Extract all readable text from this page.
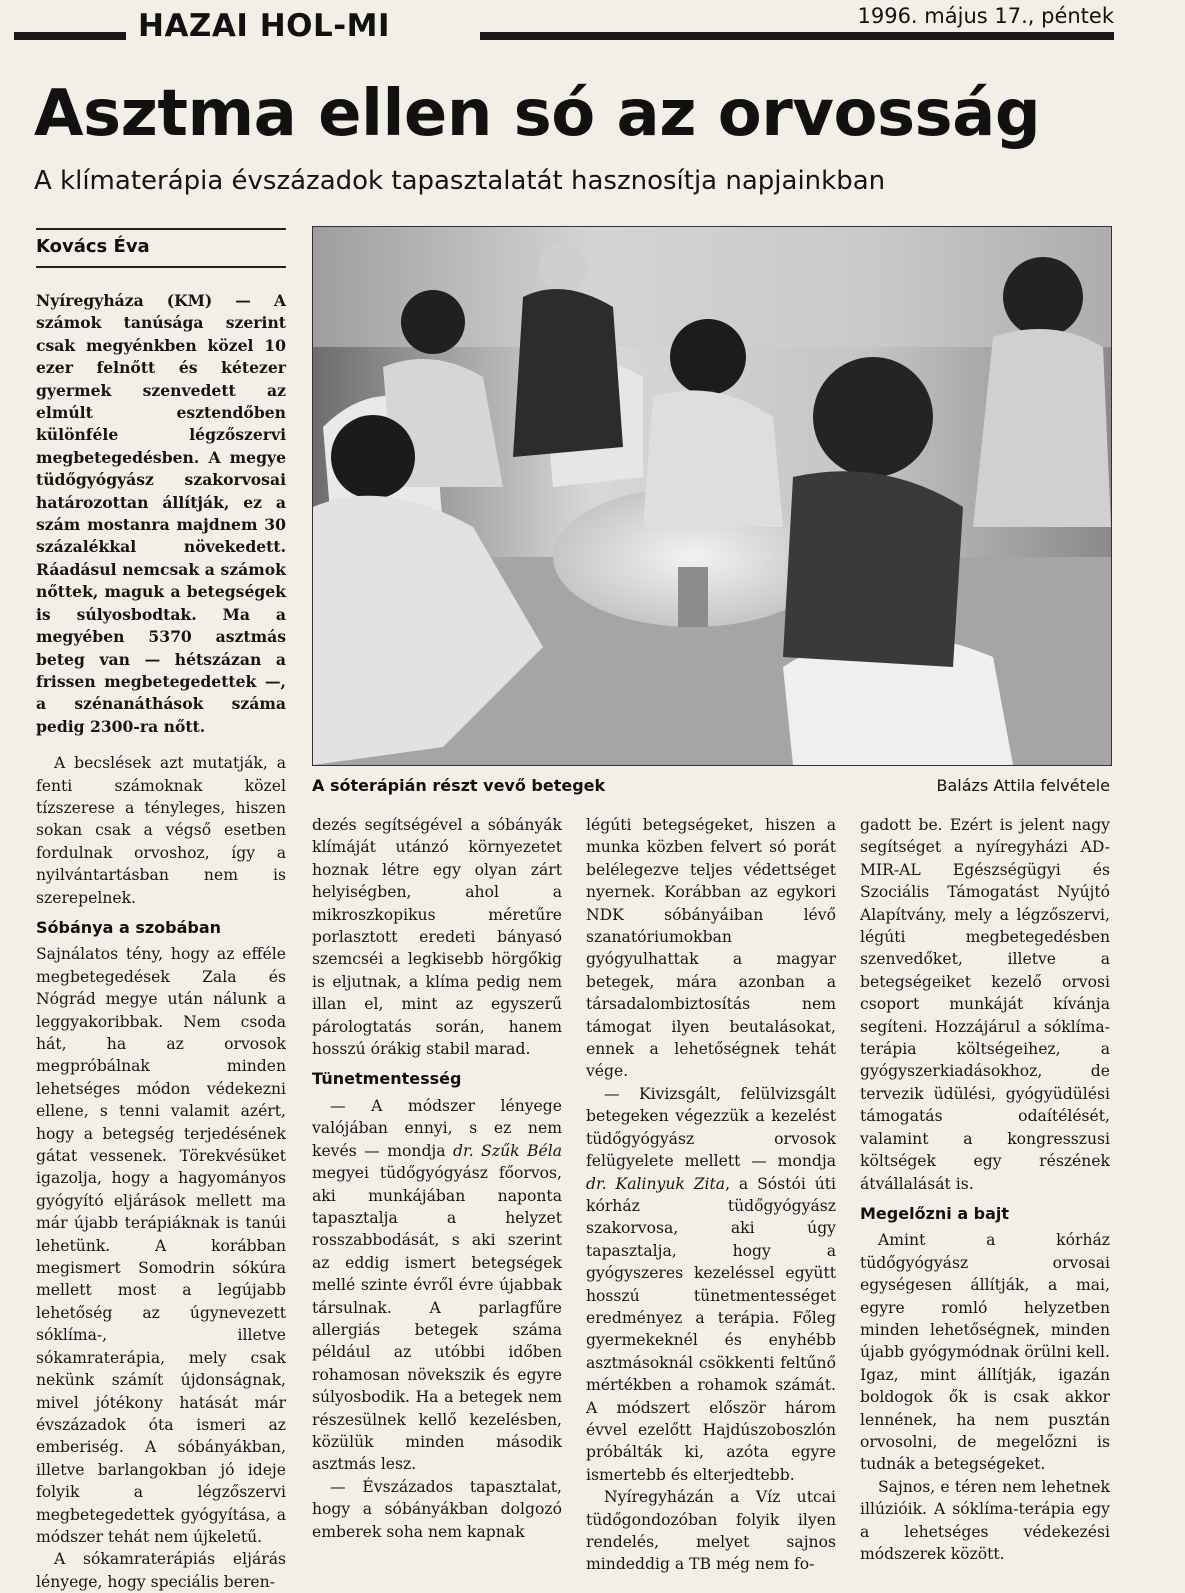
HAZAI HOL-MI	1996. május 17., péntek
Asztma ellen só az orvosság
A klímaterápia évszázadok tapasztalatát hasznosítja napjainkban
Kovács Éva
A sóterápián részt vevő betegek	Balázs Attila felvétele

Nyíregyháza (KM) — A számok tanúsága szerint csak megyénkben közel 10 ezer felnőtt és kétezer gyermek szenvedett az elmúlt esztendőben különféle légzőszervi megbetegedésben. A megye tüdőgyógyász szakorvosai határozottan állítják, ez a szám mostanra majdnem 30 százalékkal növekedett. Ráadásul nemcsak a számok nőttek, maguk a betegségek is súlyosbodtak. Ma a megyében 5370 asztmás beteg van — hétszázan a frissen megbetegedettek —, a szénanáthások száma pedig 2300-ra nőtt.

A becslések azt mutatják, a fenti számoknak közel tízszerese a tényleges, hiszen sokan csak a végső esetben fordulnak orvoshoz, így a nyilvántartásban nem is szerepelnek.

Sóbánya a szobában

Sajnálatos tény, hogy az efféle megbetegedések Zala és Nógrád megye után nálunk a leggyakoribbak. Nem csoda hát, ha az orvosok megpróbálnak minden lehetséges módon védekezni ellene, s tenni valamit azért, hogy a betegség terjedésének gátat vessenek. Törekvésüket igazolja, hogy a hagyományos gyógyító eljárások mellett ma már újabb terápiáknak is tanúi lehetünk. A korábban megismert Somodrin sókúra mellett most a legújabb lehetőség az úgynevezett sóklíma-, illetve sókamraterápia, mely csak nekünk számít újdonságnak, mivel jótékony hatását már évszázadok óta ismeri az emberiség. A sóbányákban, illetve barlangokban jó ideje folyik a légzőszervi megbetegedettek gyógyítása, a módszer tehát nem újkeletű.

A sókamraterápiás eljárás lényege, hogy speciális beren-

dezés segítségével a sóbányák klímáját utánzó környezetet hoznak létre egy olyan zárt helyiségben, ahol a mikroszkopikus méretűre porlasztott eredeti bányasó szemcséi a legkisebb hörgőkig is eljutnak, a klíma pedig nem illan el, mint az egyszerű párologtatás során, hanem hosszú órákig stabil marad.

Tünetmentesség

— A módszer lényege valójában ennyi, s ez nem kevés — mondja dr. Szűk Béla megyei tüdőgyógyász főorvos, aki munkájában naponta tapasztalja a helyzet rosszabbodását, s aki szerint az eddig ismert betegségek mellé szinte évről évre újabbak társulnak. A parlagfűre allergiás betegek száma például az utóbbi időben rohamosan növekszik és egyre súlyosbodik. Ha a betegek nem részesülnek kellő kezelésben, közülük minden második asztmás lesz.

— Évszázados tapasztalat, hogy a sóbányákban dolgozó emberek soha nem kapnak

légúti betegségeket, hiszen a munka közben felvert só porát belélegezve teljes védettséget nyernek. Korábban az egykori NDK sóbányáiban lévő szanatóriumokban gyógyulhattak a magyar betegek, mára azonban a társadalombiztosítás nem támogat ilyen beutalásokat, ennek a lehetőségnek tehát vége.

— Kivizsgált, felülvizsgált betegeken végezzük a kezelést tüdőgyógyász orvosok felügyelete mellett — mondja dr. Kalinyuk Zita, a Sóstói úti kórház tüdőgyógyász szakorvosa, aki úgy tapasztalja, hogy a gyógyszeres kezeléssel együtt hosszú tünetmentességet eredményez a terápia. Főleg gyermekeknél és enyhébb asztmásoknál csökkenti feltűnő mértékben a rohamok számát. A módszert először három évvel ezelőtt Hajdúszoboszlón próbálták ki, azóta egyre ismertebb és elterjedtebb.

Nyíregyházán a Víz utcai tüdőgondozóban folyik ilyen rendelés, melyet sajnos mindeddig a TB még nem fo-

gadott be. Ezért is jelent nagy segítséget a nyíregyházi AD-MIR-AL Egészségügyi és Szociális Támogatást Nyújtó Alapítvány, mely a légzőszervi, légúti megbetegedésben szenvedőket, illetve a betegségeiket kezelő orvosi csoport munkáját kívánja segíteni. Hozzájárul a sóklíma-terápia költségeihez, a gyógyszerkiadásokhoz, de tervezik üdülési, gyógyüdülési támogatás odaítélését, valamint a kongresszusi költségek egy részének átvállalását is.

Megelőzni a bajt

Amint a kórház tüdőgyógyász orvosai egységesen állítják, a mai, egyre romló helyzetben minden lehetőségnek, minden újabb gyógymódnak örülni kell. Igaz, mint állítják, igazán boldogok ők is csak akkor lennének, ha nem pusztán orvosolni, de megelőzni is tudnák a betegségeket.

Sajnos, e téren nem lehetnek illúzióik. A sóklíma-terápia egy a lehetséges védekezési módszerek között.
